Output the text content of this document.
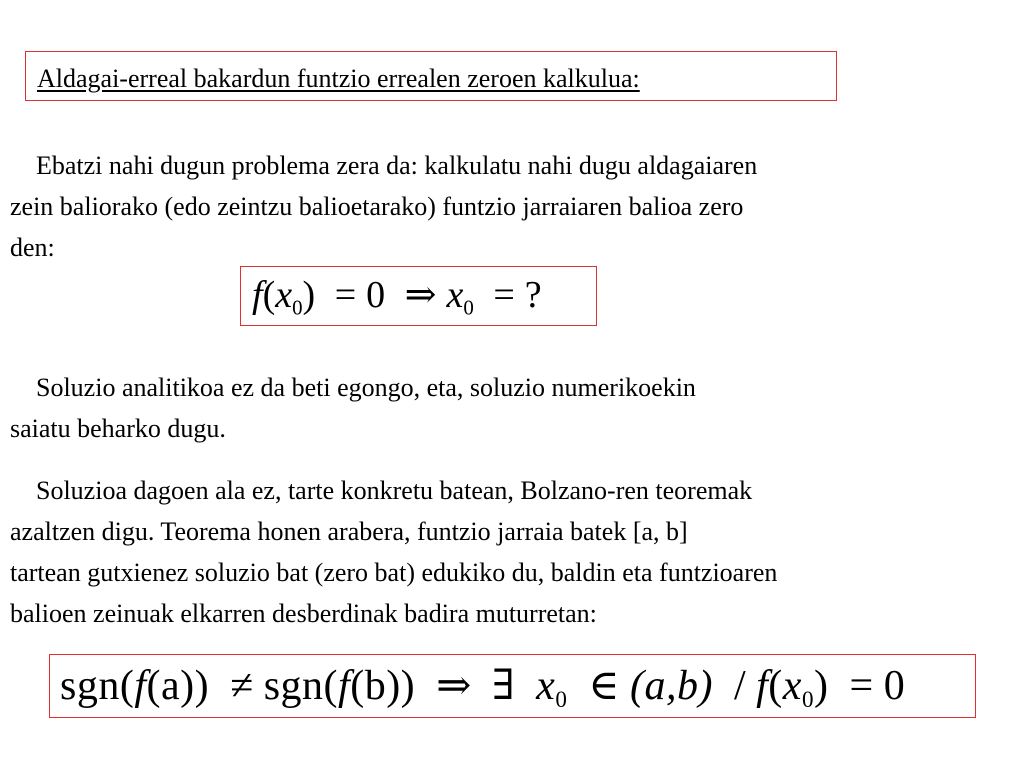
Aldagai-erreal bakardun funtzio errealen zeroen kalkulua:
Ebatzi nahi dugun problema zera da: kalkulatu nahi dugu aldagaiaren
zein baliorako (edo zeintzu balioetarako) funtzio jarraiaren balioa zero
den:
$f(x_0) = 0$ ⇒ $x_0$ = ?
Soluzio analitikoa ez da beti egongo, eta, soluzio numerikoekin
saiatu beharko dugu.
Soluzioa dagoen ala ez, tarte konkretu batean, Bolzano-ren teoremak
azaltzen digu. Teorema honen arabera, funtzio jarraia batek [a, b]
tartean gutxienez soluzio bat (zero bat) edukiko du, baldin eta funtzioaren
balioen zeinuak elkarren desberdinak badira muturretan:
sgn(f(a)) ≠ sgn(f(b)) ⇒ ∃ $x_0$ ∈ $(a,b) / f(x_0) = 0$
